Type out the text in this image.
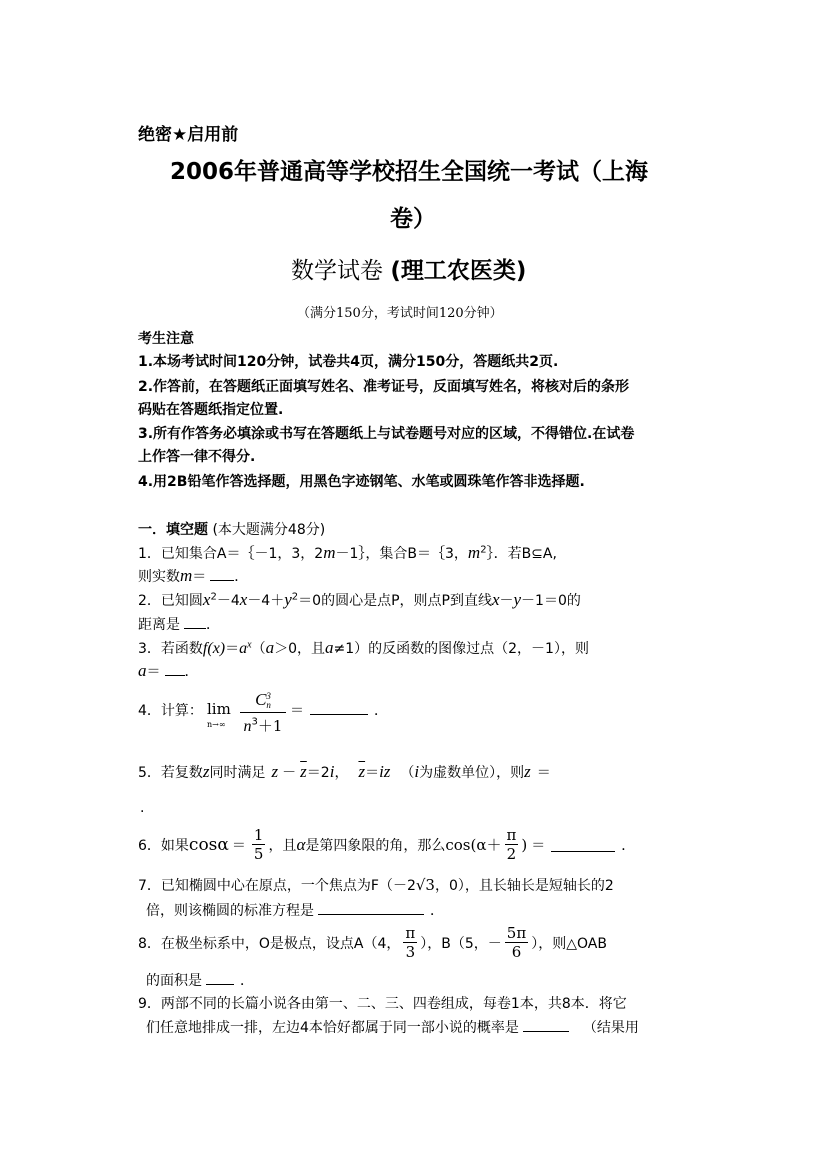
绝密★启用前
2006年普通高等学校招生全国统一考试（上海
卷）
数学试卷 (理工农医类)
（满分150分，考试时间120分钟）
考生注意
1.本场考试时间120分钟，试卷共4页，满分150分，答题纸共2页.
2.作答前，在答题纸正面填写姓名、准考证号，反面填写姓名，将核对后的条形
码贴在答题纸指定位置.
3.所有作答务必填涂或书写在答题纸上与试卷题号对应的区域，不得错位.在试卷
上作答一律不得分.
4.用2B铅笔作答选择题，用黑色字迹钢笔、水笔或圆珠笔作答非选择题.
一．填空题 (本大题满分48分)
1．已知集合A＝｛－1，3，2m－1｝，集合B＝｛3，$m^2\}$．若B⊆A,
则实数m＝ ．
2．已知圆$x^2-4x-4+y^2=0$的圆心是点P，则点P到直线x－y－1＝0的
距离是 ．
3．若函数$f(x)=a^x(a>0$，且a≠1）的反函数的图像过点（2，－1），则
a＝ ．
4．计算： lim
n→∞ C 3
n
$n^3+1$ ＝	．
5．若复数z同时满足 $z - \overline{z}=2i$， $\overline{z}=iz$ （i为虚数单位），则z ＝
.
6．如果 $\cos\alpha = \frac{1}{5}$ ，且 α 是第四象限的角，那么 $\cos(\alpha+ \frac{\pi}{2}$ ) ＝	．
7．已知椭圆中心在原点，一个焦点为F（－2√3，0），且长轴长是短轴长的2
倍，则该椭圆的标准方程是	．
8．在极坐标系中，O是极点，设点A（4， $\frac{\pi}{3}$ ），B（5，－ $\frac{5\pi}{6}$ ），则△OAB
的面积是	．
9．两部不同的长篇小说各由第一、二、三、四卷组成，每卷1本，共8本．将它
们任意地排成一排，左边4本恰好都属于同一部小说的概率是	（结果用
